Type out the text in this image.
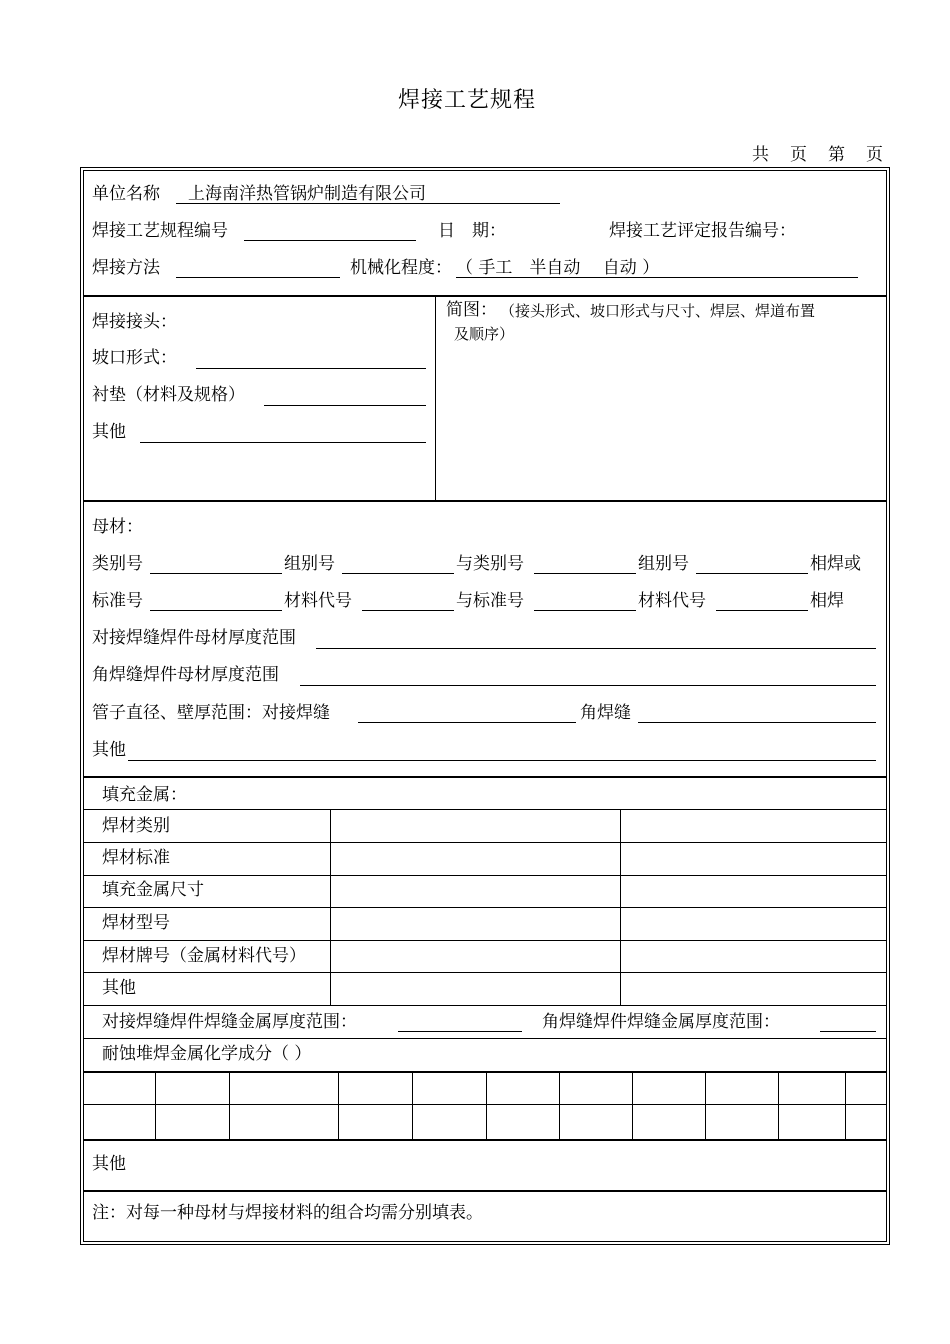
焊接工艺规程
共 页 第 页
单位名称 上海南洋热管锅炉制造有限公司
焊接工艺规程编号	日　期：	焊接工艺评定报告编号：
焊接方法	机械化程度： （ 手工　半自动　 自动 ）
焊接接头：
坡口形式：
衬垫（材料及规格）
其他
简图： （接头形式、坡口形式与尺寸、焊层、焊道布置
及顺序）
母材：
类别号	组别号	与类别号	组别号	相焊或
标准号	材料代号	与标准号	材料代号	相焊
对接焊缝焊件母材厚度范围
角焊缝焊件母材厚度范围
管子直径、壁厚范围：对接焊缝	角焊缝
其他
填充金属：
焊材类别
焊材标准
填充金属尺寸
焊材型号
焊材牌号（金属材料代号）
其他
对接焊缝焊件焊缝金属厚度范围：	角焊缝焊件焊缝金属厚度范围：
耐蚀堆焊金属化学成分（ ）
其他
注：对每一种母材与焊接材料的组合均需分别填表。
